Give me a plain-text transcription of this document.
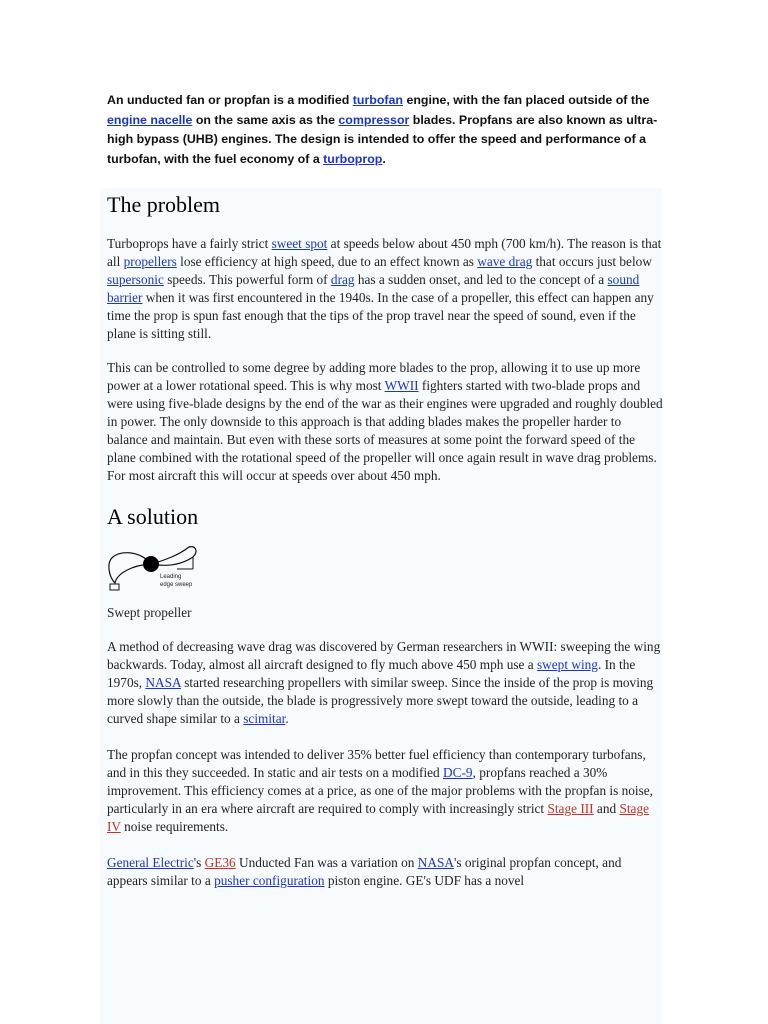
An unducted fan or propfan is a modified turbofan engine, with the fan placed outside of the engine nacelle on the same axis as the compressor blades. Propfans are also known as ultra-high bypass (UHB) engines. The design is intended to offer the speed and performance of a turbofan, with the fuel economy of a turboprop.

The problem

Turboprops have a fairly strict sweet spot at speeds below about 450 mph (700 km/h). The reason is that all propellers lose efficiency at high speed, due to an effect known as wave drag that occurs just below supersonic speeds. This powerful form of drag has a sudden onset, and led to the concept of a sound barrier when it was first encountered in the 1940s. In the case of a propeller, this effect can happen any time the prop is spun fast enough that the tips of the prop travel near the speed of sound, even if the plane is sitting still.

This can be controlled to some degree by adding more blades to the prop, allowing it to use up more power at a lower rotational speed. This is why most WWII fighters started with two-blade props and were using five-blade designs by the end of the war as their engines were upgraded and roughly doubled in power. The only downside to this approach is that adding blades makes the propeller harder to balance and maintain. But even with these sorts of measures at some point the forward speed of the plane combined with the rotational speed of the propeller will once again result in wave drag problems. For most aircraft this will occur at speeds over about 450 mph.

A solution
Leading
edge sweep
Swept propeller

A method of decreasing wave drag was discovered by German researchers in WWII: sweeping the wing backwards. Today, almost all aircraft designed to fly much above 450 mph use a swept wing. In the 1970s, NASA started researching propellers with similar sweep. Since the inside of the prop is moving more slowly than the outside, the blade is progressively more swept toward the outside, leading to a curved shape similar to a scimitar.

The propfan concept was intended to deliver 35% better fuel efficiency than contemporary turbofans, and in this they succeeded. In static and air tests on a modified DC-9, propfans reached a 30% improvement. This efficiency comes at a price, as one of the major problems with the propfan is noise, particularly in an era where aircraft are required to comply with increasingly strict Stage III and Stage IV noise requirements.

General Electric's GE36 Unducted Fan was a variation on NASA's original propfan concept, and appears similar to a pusher configuration piston engine. GE's UDF has a novel
